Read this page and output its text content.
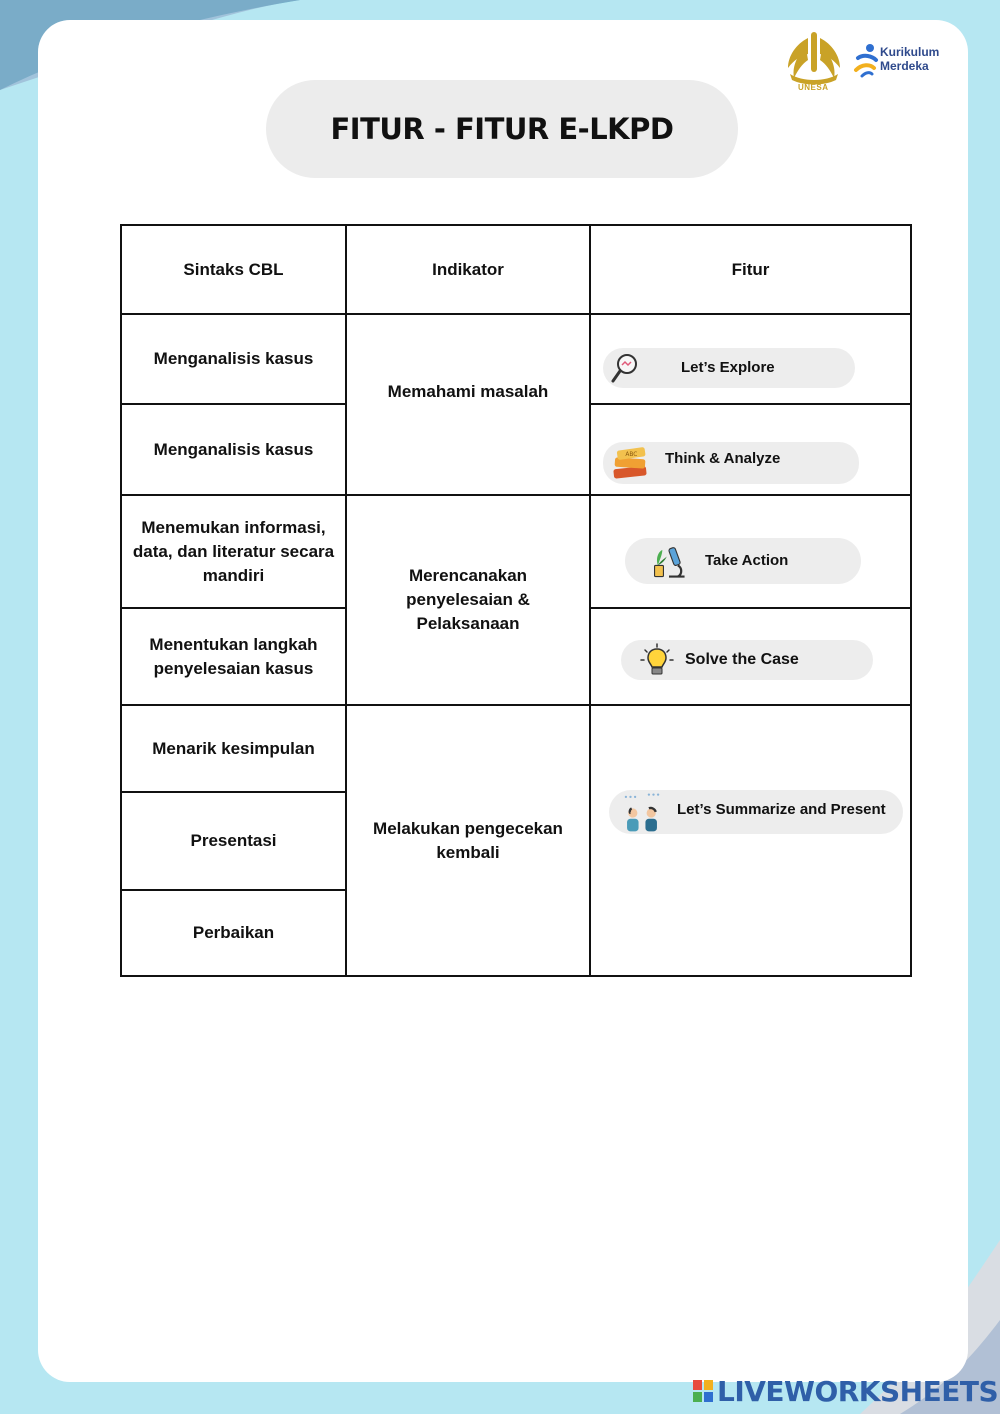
UNESA
Kurikulum
Merdeka
FITUR - FITUR E-LKPD
Sintaks CBL	Indikator	Fitur
Menganalisis kasus
Menganalisis kasus
Menemukan informasi, data, dan literatur secara mandiri
Menentukan langkah penyelesaian kasus
Menarik kesimpulan
Presentasi
Perbaikan
Memahami masalah
Merencanakan penyelesaian & Pelaksanaan
Melakukan pengecekan kembali
Let’s Explore
ABC Think & Analyze
Take Action
Solve the Case
Let’s Summarize and Present
LIVEWORKSHEETS
